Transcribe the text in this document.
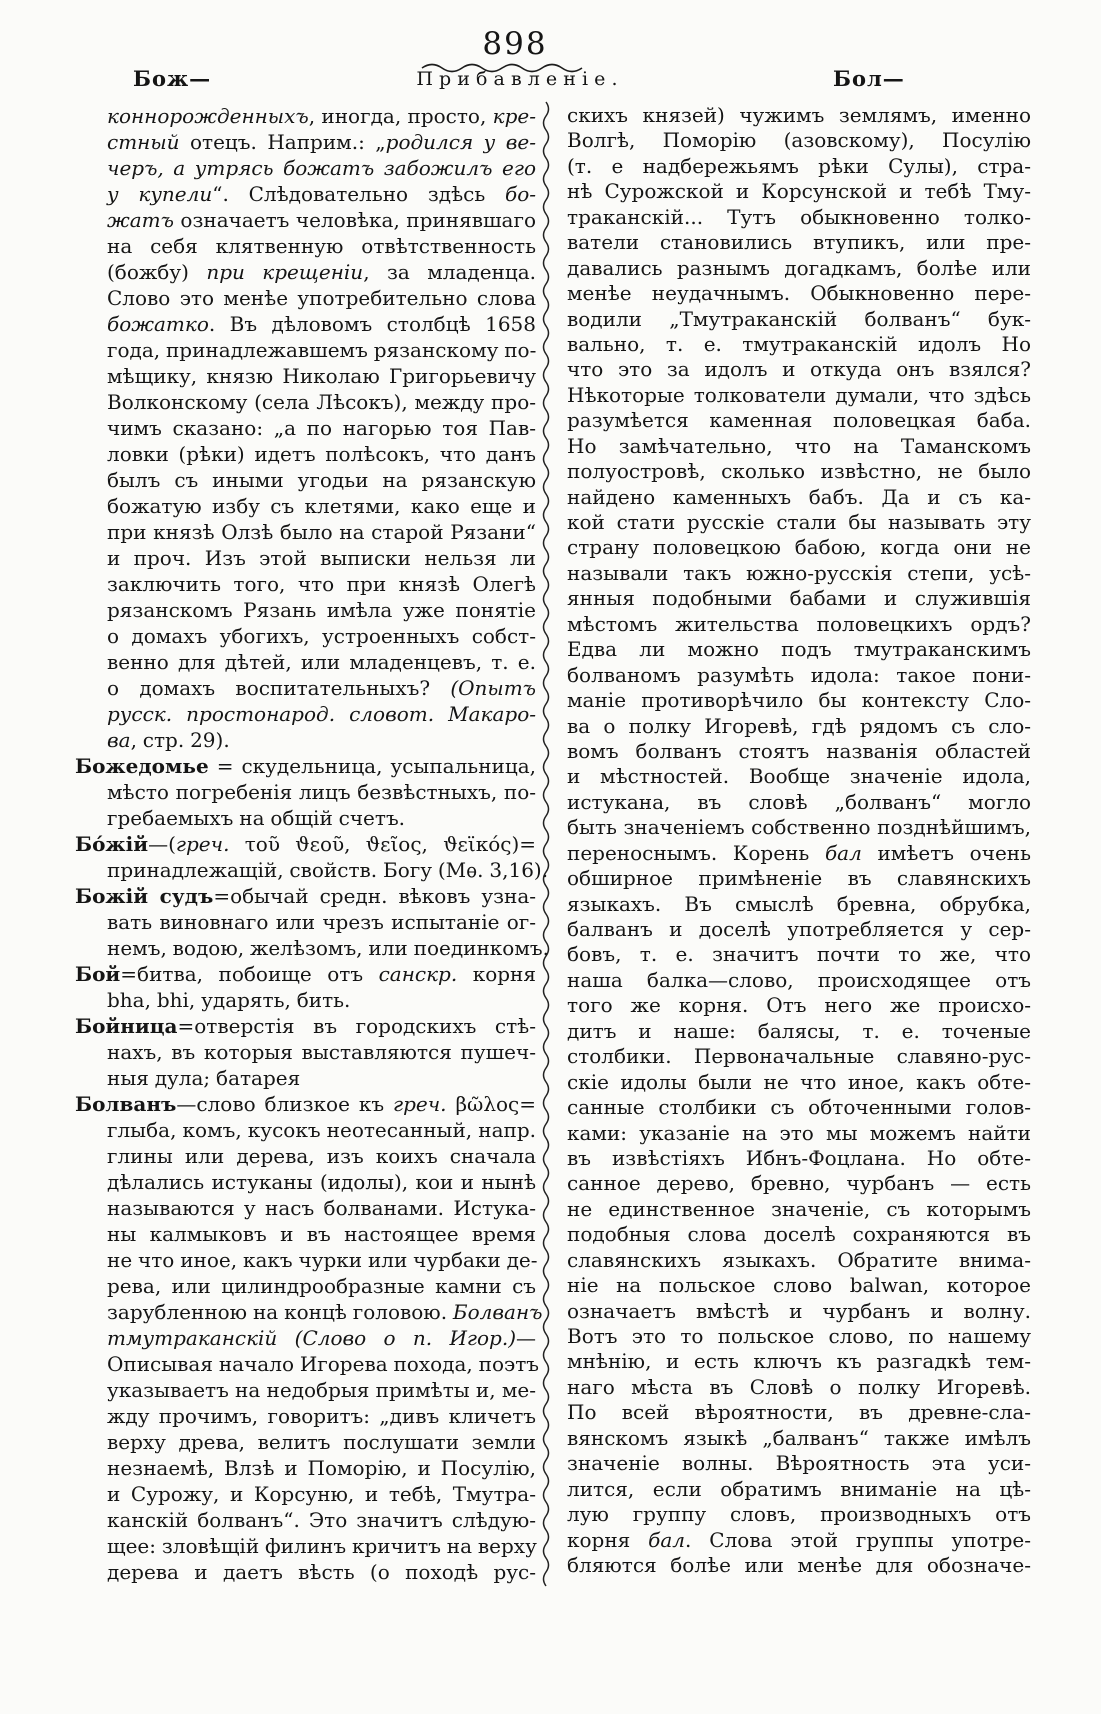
898
Бож—	Прибавленіе.	Бол—
коннорожденныхъ, иногда, просто, кре-
стный отецъ. Наприм.: „родился у ве-
черъ, а утрясь божатъ забожилъ его
у купели“. Слѣдовательно здѣсь бо-
жатъ означаетъ человѣка, принявшаго
на себя клятвенную отвѣтственность
(божбу) при крещеніи, за младенца.
Слово это менѣе употребительно слова
божатко. Въ дѣловомъ столбцѣ 1658
года, принадлежавшемъ рязанскому по-
мѣщику, князю Николаю Григорьевичу
Волконскому (села Лѣсокъ), между про-
чимъ сказано: „а по нагорью тоя Пав-
ловки (рѣки) идетъ полѣсокъ, что данъ
былъ съ иными угодьи на рязанскую
божатую избу съ клетями, како еще и
при князѣ Олзѣ было на старой Рязани“
и проч. Изъ этой выписки нельзя ли
заключить того, что при князѣ Олегѣ
рязанскомъ Рязань имѣла уже понятіе
о домахъ убогихъ, устроенныхъ собст-
венно для дѣтей, или младенцевъ, т. е.
о домахъ воспитательныхъ? (Опытъ
русск. простонарод. словот. Макаро-
ва, стр. 29).
Божедомье = скудельница, усыпальница,
мѣсто погребенія лицъ безвѣстныхъ, по-
гребаемыхъ на общій счетъ.
Бо́жій—(греч. τοῦ ϑεοῦ, ϑεῖος, ϑεϊκός)=
принадлежащій, свойств. Богу (Мѳ. 3,16).
Божій судъ=обычай средн. вѣковъ узна-
вать виновнаго или чрезъ испытаніе ог-
немъ, водою, желѣзомъ, или поединкомъ.
Бой=битва, побоище отъ санскр. корня
bha, bhi, ударять, бить.
Бойница=отверстія въ городскихъ стѣ-
нахъ, въ которыя выставляются пушеч-
ныя дула; батарея
Болванъ—слово близкое къ греч. βῶλος=
глыба, комъ, кусокъ неотесанный, напр.
глины или дерева, изъ коихъ сначала
дѣлались истуканы (идолы), кои и нынѣ
называются у насъ болванами. Истука-
ны калмыковъ и въ настоящее время
не что иное, какъ чурки или чурбаки де-
рева, или цилиндрообразные камни съ
зарубленною на концѣ головою. Болванъ
тмутраканскій (Слово о п. Игор.)—
Описывая начало Игорева похода, поэтъ
указываетъ на недобрыя примѣты и, ме-
жду прочимъ, говоритъ: „дивъ кличетъ
верху древа, велитъ послушати земли
незнаемѣ, Влзѣ и Поморію, и Посулію,
и Сурожу, и Корсуню, и тебѣ, Тмутра-
канскій болванъ“. Это значитъ слѣдую-
щее: зловѣщій филинъ кричитъ на верху
дерева и даетъ вѣсть (о походѣ рус-
скихъ князей) чужимъ землямъ, именно
Волгѣ, Поморію (азовскому), Посулію
(т. е надбережьямъ рѣки Сулы), стра-
нѣ Сурожской и Корсунской и тебѣ Тму-
траканскій... Тутъ обыкновенно толко-
ватели становились втупикъ, или пре-
давались разнымъ догадкамъ, болѣе или
менѣе неудачнымъ. Обыкновенно пере-
водили „Тмутраканскій болванъ“ бук-
вально, т. е. тмутраканскій идолъ Но
что это за идолъ и откуда онъ взялся?
Нѣкоторые толкователи думали, что здѣсь
разумѣется каменная половецкая баба.
Но замѣчательно, что на Таманскомъ
полуостровѣ, сколько извѣстно, не было
найдено каменныхъ бабъ. Да и съ ка-
кой стати русскіе стали бы называть эту
страну половецкою бабою, когда они не
называли такъ южно-русскія степи, усѣ-
янныя подобными бабами и служившія
мѣстомъ жительства половецкихъ ордъ?
Едва ли можно подъ тмутраканскимъ
болваномъ разумѣть идола: такое пони-
маніе противорѣчило бы контексту Сло-
ва о полку Игоревѣ, гдѣ рядомъ съ сло-
вомъ болванъ стоятъ названія областей
и мѣстностей. Вообще значеніе идола,
истукана, въ словѣ „болванъ“ могло
быть значеніемъ собственно позднѣйшимъ,
переноснымъ. Корень бал имѣетъ очень
обширное примѣненіе въ славянскихъ
языкахъ. Въ смыслѣ бревна, обрубка,
балванъ и доселѣ употребляется у сер-
бовъ, т. е. значитъ почти то же, что
наша балка—слово, происходящее отъ
того же корня. Отъ него же происхо-
дитъ и наше: балясы, т. е. точеные
столбики. Первоначальные славяно-рус-
скіе идолы были не что иное, какъ обте-
санные столбики съ обточенными голов-
ками: указаніе на это мы можемъ найти
въ извѣстіяхъ Ибнъ-Фоцлана. Но обте-
санное дерево, бревно, чурбанъ — есть
не единственное значеніе, съ которымъ
подобныя слова доселѣ сохраняются въ
славянскихъ языкахъ. Обратите внима-
ніе на польское слово balwan, которое
означаетъ вмѣстѣ и чурбанъ и волну.
Вотъ это то польское слово, по нашему
мнѣнію, и есть ключъ къ разгадкѣ тем-
наго мѣста въ Словѣ о полку Игоревѣ.
По всей вѣроятности, въ древне-сла-
вянскомъ языкѣ „балванъ“ также имѣлъ
значеніе волны. Вѣроятность эта уси-
лится, если обратимъ вниманіе на цѣ-
лую группу словъ, производныхъ отъ
корня бал. Слова этой группы употре-
бляются болѣе или менѣе для обозначе-
